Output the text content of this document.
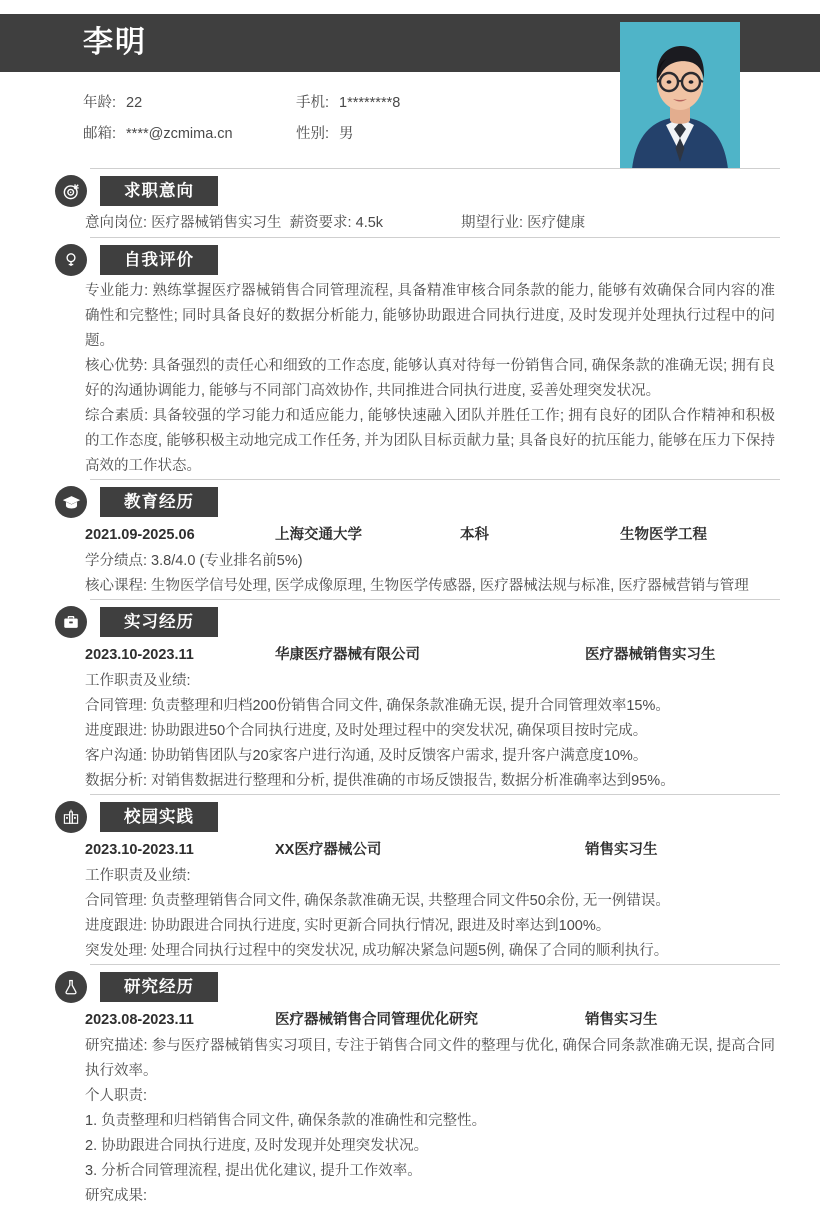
李明
年龄: 22	手机: 1********8
邮箱: ****@zcmima.cn	性别: 男
求职意向
意向岗位: 医疗器械销售实习生 薪资要求: 4.5k	期望行业: 医疗健康
自我评价
专业能力: 熟练掌握医疗器械销售合同管理流程, 具备精准审核合同条款的能力, 能够有效确保合同内容的准确性和完整性; 同时具备良好的数据分析能力, 能够协助跟进合同执行进度, 及时发现并处理执行过程中的问题。
核心优势: 具备强烈的责任心和细致的工作态度, 能够认真对待每一份销售合同, 确保条款的准确无误; 拥有良好的沟通协调能力, 能够与不同部门高效协作, 共同推进合同执行进度, 妥善处理突发状况。
综合素质: 具备较强的学习能力和适应能力, 能够快速融入团队并胜任工作; 拥有良好的团队合作精神和积极的工作态度, 能够积极主动地完成工作任务, 并为团队目标贡献力量; 具备良好的抗压能力, 能够在压力下保持高效的工作状态。
教育经历
2021.09-2025.06	上海交通大学	本科	生物医学工程
学分绩点: 3.8/4.0 (专业排名前5%)
核心课程: 生物医学信号处理, 医学成像原理, 生物医学传感器, 医疗器械法规与标准, 医疗器械营销与管理
实习经历
2023.10-2023.11	华康医疗器械有限公司	医疗器械销售实习生
工作职责及业绩:
合同管理: 负责整理和归档200份销售合同文件, 确保条款准确无误, 提升合同管理效率15%。
进度跟进: 协助跟进50个合同执行进度, 及时处理过程中的突发状况, 确保项目按时完成。
客户沟通: 协助销售团队与20家客户进行沟通, 及时反馈客户需求, 提升客户满意度10%。
数据分析: 对销售数据进行整理和分析, 提供准确的市场反馈报告, 数据分析准确率达到95%。
校园实践
2023.10-2023.11	XX医疗器械公司	销售实习生
工作职责及业绩:
合同管理: 负责整理销售合同文件, 确保条款准确无误, 共整理合同文件50余份, 无一例错误。
进度跟进: 协助跟进合同执行进度, 实时更新合同执行情况, 跟进及时率达到100%。
突发处理: 处理合同执行过程中的突发状况, 成功解决紧急问题5例, 确保了合同的顺利执行。
研究经历
2023.08-2023.11	医疗器械销售合同管理优化研究	销售实习生
研究描述: 参与医疗器械销售实习项目, 专注于销售合同文件的整理与优化, 确保合同条款准确无误, 提高合同执行效率。
个人职责:
1. 负责整理和归档销售合同文件, 确保条款的准确性和完整性。
2. 协助跟进合同执行进度, 及时发现并处理突发状况。
3. 分析合同管理流程, 提出优化建议, 提升工作效率。
研究成果:
